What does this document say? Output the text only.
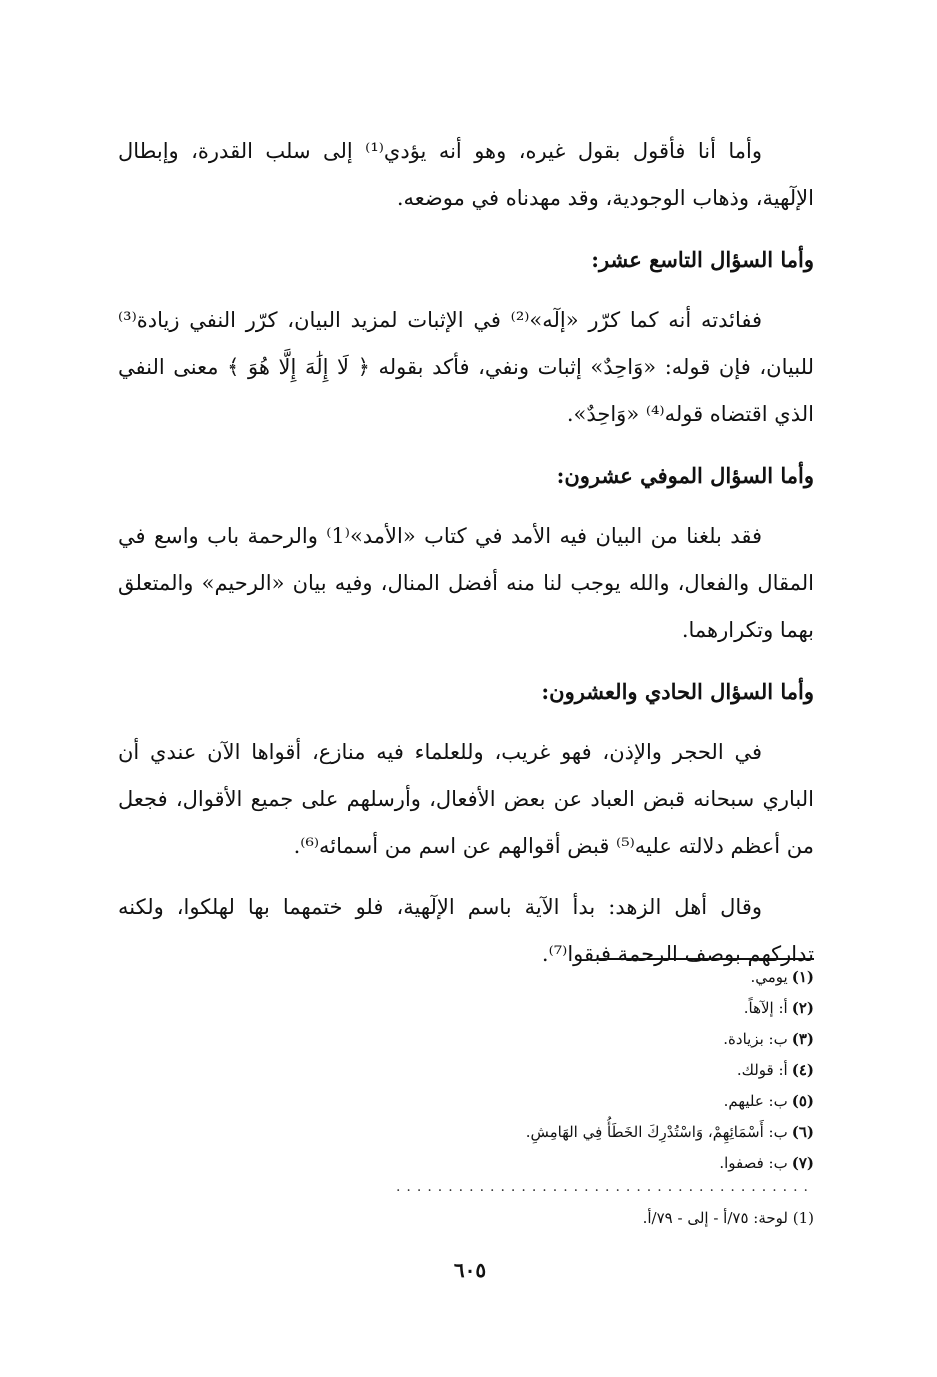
وأما أنا فأقول بقول غيره، وهو أنه يؤدي⁽¹⁾ إلى سلب القدرة، وإبطال الإلٓهية، وذهاب الوجودية، وقد مهدناه في موضعه.

وأما السؤال التاسع عشر:

ففائدته أنه كما كرّر «إلٓه»⁽²⁾ في الإثبات لمزيد البيان، كرّر النفي زيادة⁽³⁾ للبيان، فإن قوله: «وَاحِدٌ» إثبات ونفي، فأكد بقوله ﴿ لَا إِلَٰهَ إِلَّا هُوَ ﴾ معنى النفي الذي اقتضاه قوله⁽⁴⁾ «وَاحِدٌ».

وأما السؤال الموفي عشرون:

فقد بلغنا من البيان فيه الأمد في كتاب «الأمد»⁽1⁾ والرحمة باب واسع في المقال والفعال، والله يوجب لنا منه أفضل المنال، وفيه بيان «الرحيم» والمتعلق بهما وتكرارهما.

وأما السؤال الحادي والعشرون:

في الحجر والإذن، فهو غريب، وللعلماء فيه منازع، أقواها الآن عندي أن الباري سبحانه قبض العباد عن بعض الأفعال، وأرسلهم على جميع الأقوال، فجعل من أعظم دلالته عليه⁽⁵⁾ قبض أقوالهم عن اسم من أسمائه⁽⁶⁾.

وقال أهل الزهد: بدأ الآية باسم الإلٓهية، فلو ختمهما بها لهلكوا، ولكنه تداركهم بوصف الرحمة فبقوا⁽⁷⁾.

(١)يومي.
(٢)أ: إلآهاً.
(٣)ب: بزيادة.
(٤)أ: قولك.
(٥)ب: عليهم.
(٦)ب: أَسْمَائِهِمْ، وَاسْتُدْرِكَ الخَطَأُ فِي الهَامِشِ.
(٧)ب: فصفوا.
........................................
(1) لوحة: ٧٥/أ - إلى - ٧٩/أ.
٦٠٥
